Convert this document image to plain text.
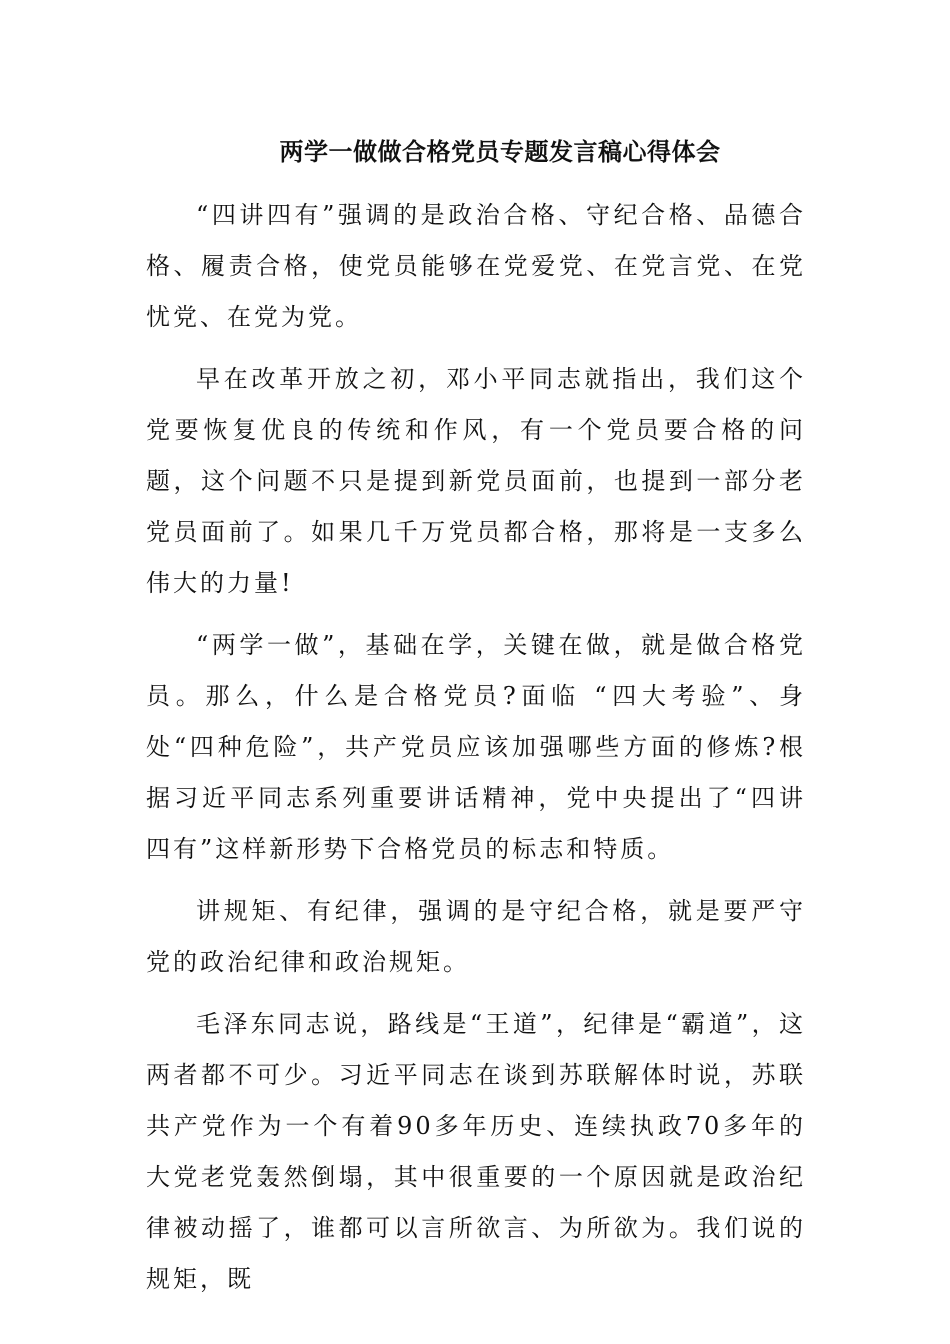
两学一做做合格党员专题发言稿心得体会

“四讲四有”强调的是政治合格、守纪合格、品德合格、履责合格，使党员能够在党爱党、在党言党、在党忧党、在党为党。

早在改革开放之初，邓小平同志就指出，我们这个党要恢复优良的传统和作风，有一个党员要合格的问题，这个问题不只是提到新党员面前，也提到一部分老党员面前了。如果几千万党员都合格，那将是一支多么伟大的力量!

“两学一做”，基础在学，关键在做，就是做合格党员。那么，什么是合格党员?面临 “四大考验”、身处“四种危险”，共产党员应该加强哪些方面的修炼?根据习近平同志系列重要讲话精神，党中央提出了“四讲四有”这样新形势下合格党员的标志和特质。

讲规矩、有纪律，强调的是守纪合格，就是要严守党的政治纪律和政治规矩。

毛泽东同志说，路线是“王道”，纪律是“霸道”，这两者都不可少。习近平同志在谈到苏联解体时说，苏联共产党作为一个有着90多年历史、连续执政70多年的大党老党轰然倒塌，其中很重要的一个原因就是政治纪律被动摇了，谁都可以言所欲言、为所欲为。我们说的规矩，既
